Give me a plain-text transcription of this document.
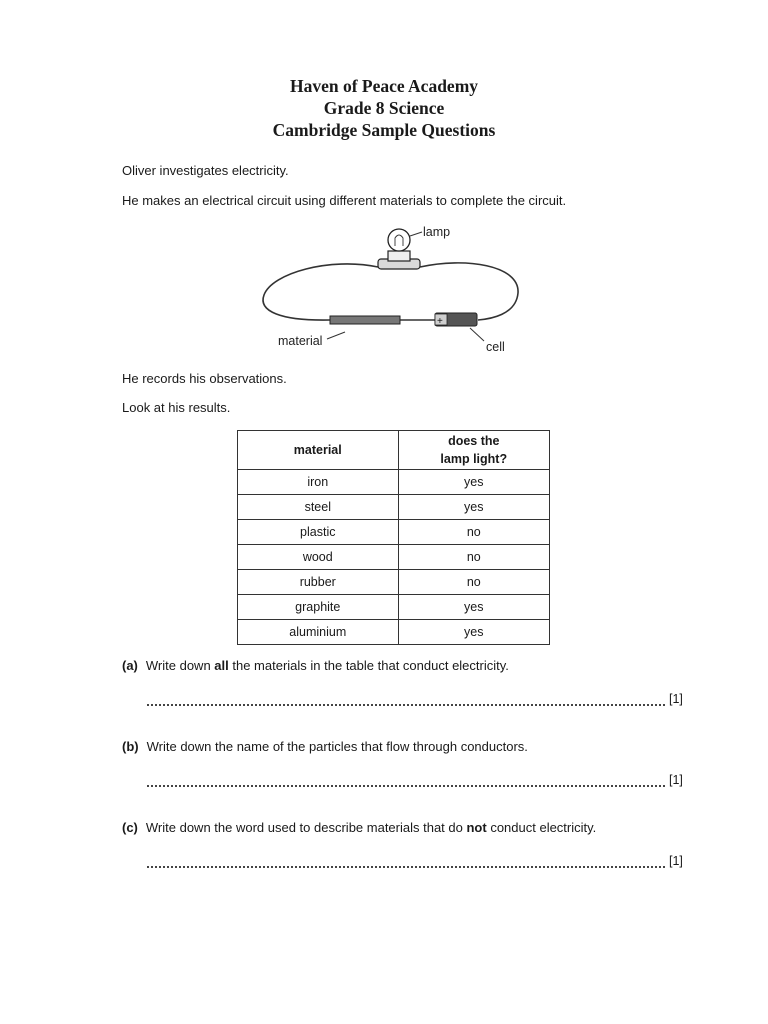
Haven of Peace Academy
Grade 8 Science
Cambridge Sample Questions
Oliver investigates electricity.
He makes an electrical circuit using different materials to complete the circuit.
+
lamp
material	cell
He records his observations.
Look at his results.
material	does the
lamp light?
iron	yes
steel	yes
plastic	no
wood	no
rubber	no
graphite	yes
aluminium	yes
(a) Write down all the materials in the table that conduct electricity.
[1]
(b) Write down the name of the particles that flow through conductors.
[1]
(c) Write down the word used to describe materials that do not conduct electricity.
[1]
